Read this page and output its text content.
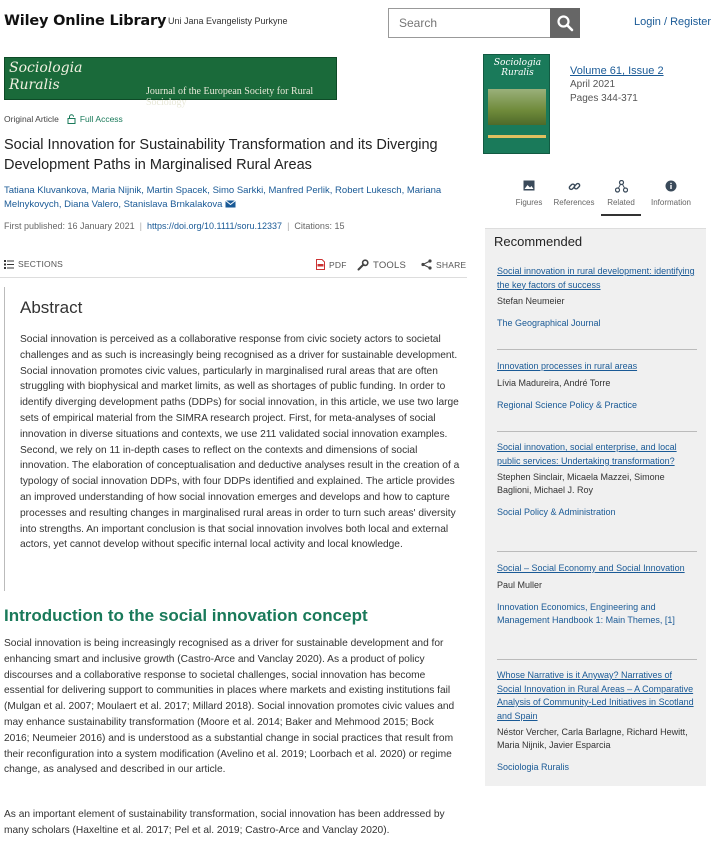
Wiley Online Library Uni Jana Evangelisty Purkyne
Search	Login / Register
Sociologia
Ruralis	Journal of the European Society for Rural Sociology
Sociologia
Ruralis	Volume 61, Issue 2
April 2021
Pages 344-371
Original Article Full Access
Social Innovation for Sustainability Transformation and its Diverging Development Paths in Marginalised Rural Areas
Tatiana Kluvankova, Maria Nijnik, Martin Spacek, Simo Sarkki, Manfred Perlik, Robert Lukesch, Mariana Melnykovych, Diana Valero, Stanislava Brnkalakova
First published: 16 January 2021  |  https://doi.org/10.1111/soru.12337  |  Citations: 15
SECTIONS	PDF	TOOLS	SHARE
Abstract

Social innovation is perceived as a collaborative response from civic society actors to societal challenges and as such is increasingly being recognised as a driver for sustainable development. Social innovation promotes civic values, particularly in marginalised rural areas that are often struggling with biophysical and market limits, as well as shortages of public funding. In order to identify diverging development paths (DDPs) for social innovation, in this article, we use two large sets of empirical material from the SIMRA research project. First, for meta-analyses of social innovation in diverse situations and contexts, we use 211 validated social innovation examples. Second, we rely on 11 in-depth cases to reflect on the contexts and dimensions of social innovation. The elaboration of conceptualisation and deductive analyses result in the creation of a typology of social innovation DDPs, with four DDPs identified and explained. The article provides an improved understanding of how social innovation emerges and develops and how to capture processes and resulting changes in marginalised rural areas in order to turn such areas' diversity into strengths. An important conclusion is that social innovation involves both local and external actors, yet cannot develop without specific internal local activity and local knowledge.

Introduction to the social innovation concept

Social innovation is being increasingly recognised as a driver for sustainable development and for enhancing smart and inclusive growth (Castro-Arce and Vanclay 2020). As a product of policy discourses and a collaborative response to societal challenges, social innovation has become essential for delivering support to communities in places where markets and existing institutions fail (Mulgan et al. 2007; Moulaert et al. 2017; Millard 2018). Social innovation promotes civic values and may enhance sustainability transformation (Moore et al. 2014; Baker and Mehmood 2015; Bock 2016; Neumeier 2016) and is understood as a substantial change in social practices that result from their reconfiguration into a system modification (Avelino et al. 2019; Loorbach et al. 2020) or regime change, as analysed and described in our article.

As an important element of sustainability transformation, social innovation has been addressed by many scholars (Haxeltine et al. 2017; Pel et al. 2019; Castro-Arce and Vanclay 2020).

Figures	References	Related	Information
Recommended
Social innovation in rural development: identifying the key factors of success
Stefan Neumeier
The Geographical Journal
Innovation processes in rural areas
Lívia Madureira, André Torre
Regional Science Policy & Practice
Social innovation, social enterprise, and local public services: Undertaking transformation?
Stephen Sinclair, Micaela Mazzei, Simone Baglioni, Michael J. Roy
Social Policy & Administration
Social – Social Economy and Social Innovation
Paul Muller
Innovation Economics, Engineering and Management Handbook 1: Main Themes, [1]
Whose Narrative is it Anyway? Narratives of Social Innovation in Rural Areas – A Comparative Analysis of Community-Led Initiatives in Scotland and Spain
Néstor Vercher, Carla Barlagne, Richard Hewitt, Maria Nijnik, Javier Esparcia
Sociologia Ruralis
